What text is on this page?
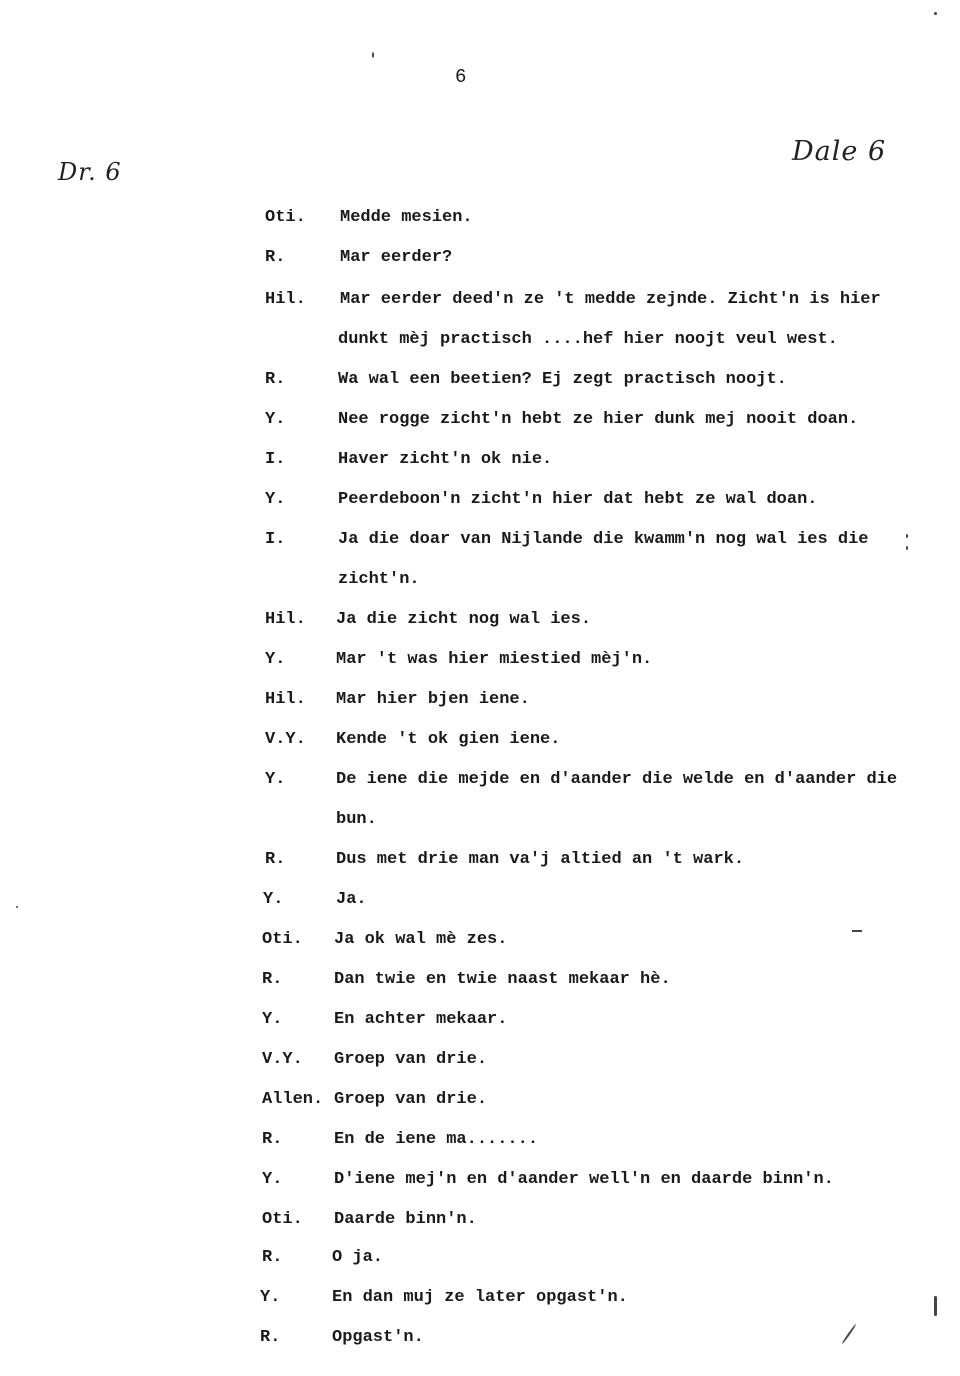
6
Dr. 6
Dale 6
Oti. Medde mesien.
R.	Mar eerder?
Hil. Mar eerder deed'n ze 't medde zejnde. Zicht'n is hier
dunkt mèj practisch ....hef hier noojt veul west.
R.	Wa wal een beetien? Ej zegt practisch noojt.
Y.	Nee rogge zicht'n hebt ze hier dunk mej nooit doan.
I.	Haver zicht'n ok nie.
Y.	Peerdeboon'n zicht'n hier dat hebt ze wal doan.
I.	Ja die doar van Nijlande die kwamm'n nog wal ies die
zicht'n.
Hil. Ja die zicht nog wal ies.
Y.	Mar 't was hier miestied mèj'n.
Hil. Mar hier bjen iene.
V.Y. Kende 't ok gien iene.
Y.	De iene die mejde en d'aander die welde en d'aander die
bun.
R.	Dus met drie man va'j altied an 't wark.
Y.	Ja.
Oti. Ja ok wal mè zes.
R.	Dan twie en twie naast mekaar hè.
Y.	En achter mekaar.
V.Y. Groep van drie.
Allen. Groep van drie.
R.	En de iene ma.......
Y.	D'iene mej'n en d'aander well'n en daarde binn'n.
Oti. Daarde binn'n.
R.	O ja.
Y.	En dan muj ze later opgast'n.
R.	Opgast'n.
